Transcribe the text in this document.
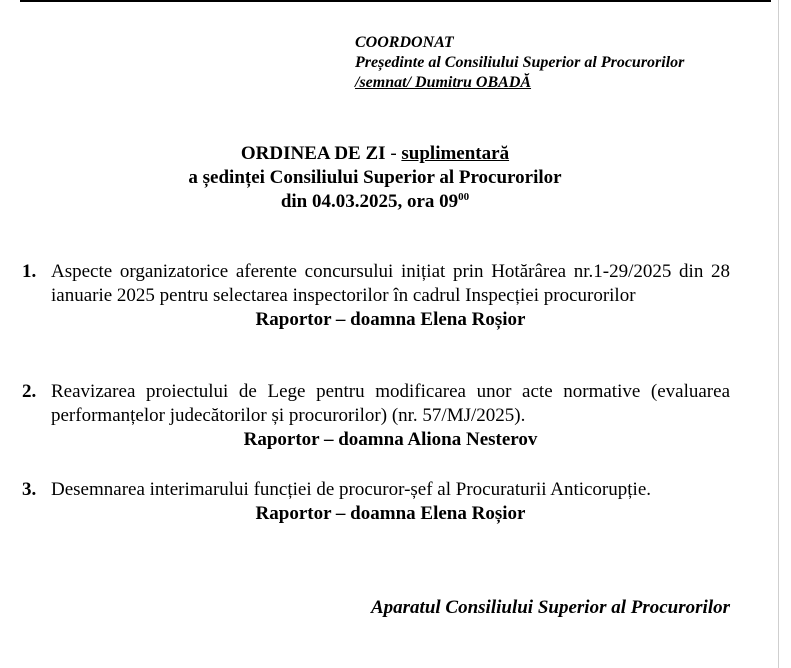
COORDONAT
Președinte al Consiliului Superior al Procurorilor
/semnat/ Dumitru OBADĂ
ORDINEA DE ZI - suplimentară
a ședinței Consiliului Superior al Procurorilor
din 04.03.2025, ora $09^{00}$
1. Aspecte organizatorice aferente concursului inițiat prin Hotărârea nr.1-29/2025 din 28 ianuarie 2025 pentru selectarea inspectorilor în cadrul Inspecției procurorilor
Raportor – doamna Elena Roșior
2. Reavizarea proiectului de Lege pentru modificarea unor acte normative (evaluarea performanțelor judecătorilor și procurorilor) (nr. 57/MJ/2025).
Raportor – doamna Aliona Nesterov
3. Desemnarea interimarului funcției de procuror-șef al Procuraturii Anticorupție.
Raportor – doamna Elena Roșior
Aparatul Consiliului Superior al Procurorilor
